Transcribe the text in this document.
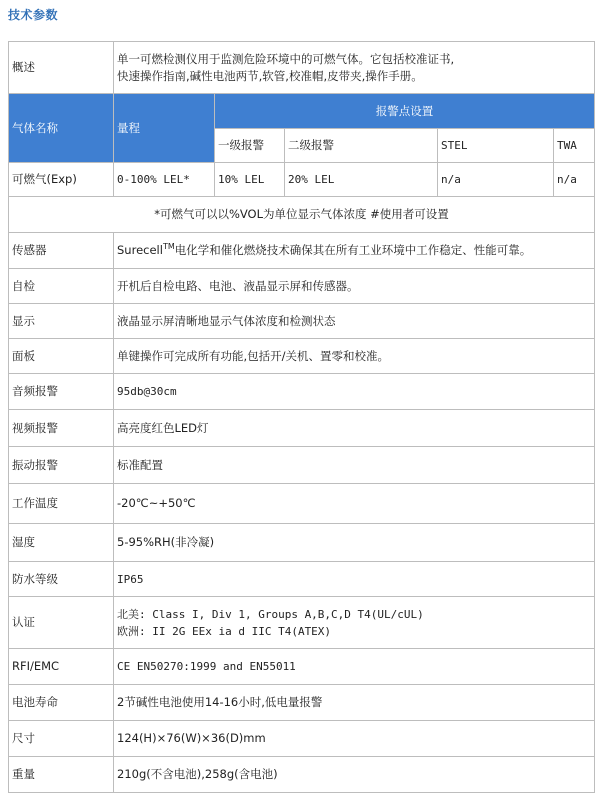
技术参数
概述	单一可燃检测仪用于监测危险环境中的可燃气体。它包括校准证书,
快速操作指南,碱性电池两节,软管,校准帽,皮带夹,操作手册。				

气体名称	量程	报警点设置			
		一级报警	二级报警	STEL	TWA
可燃气(Exp)	0-100% LEL*	10% LEL	20% LEL	n/a	n/a
*可燃气可以以%VOL为单位显示气体浓度 #使用者可设置					
传感器	Surecell™电化学和催化燃烧技术确保其在所有工业环境中工作稳定、性能可靠。				
自检	开机后自检电路、电池、液晶显示屏和传感器。				
显示	液晶显示屏清晰地显示气体浓度和检测状态				
面板	单键操作可完成所有功能,包括开/关机、置零和校准。				
音频报警	95db@30cm				
视频报警	高亮度红色LED灯				
振动报警	标准配置				
工作温度	-20℃~+50℃				
湿度	5-95%RH(非冷凝)				
防水等级	IP65				
认证	北美: Class I, Div 1, Groups A,B,C,D T4(UL/cUL)
欧洲: II 2G EEx ia d IIC T4(ATEX)				

RFI/EMC	CE EN50270:1999 and EN55011				
电池寿命	2节碱性电池使用14-16小时,低电量报警				
尺寸	124(H)×76(W)×36(D)mm				
重量	210g(不含电池),258g(含电池)				
